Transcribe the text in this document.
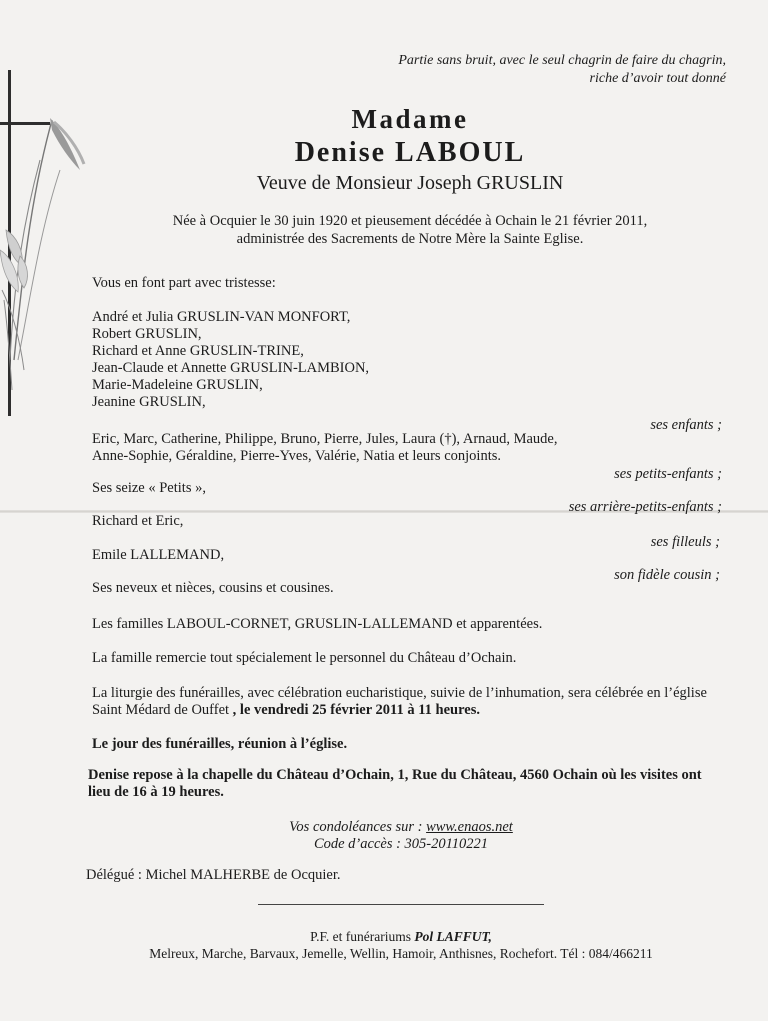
Partie sans bruit, avec le seul chagrin de faire du chagrin,
riche d’avoir tout donné
Madame
Denise LABOUL
Veuve de Monsieur Joseph GRUSLIN
Née à Ocquier le 30 juin 1920 et pieusement décédée à Ochain le 21 février 2011,
administrée des Sacrements de Notre Mère la Sainte Eglise.
Vous en font part avec tristesse:
André et Julia GRUSLIN-VAN MONFORT,
Robert GRUSLIN,
Richard et Anne GRUSLIN-TRINE,
Jean-Claude et Annette GRUSLIN-LAMBION,
Marie-Madeleine GRUSLIN,
Jeanine GRUSLIN,
ses enfants ;
Eric, Marc, Catherine, Philippe, Bruno, Pierre, Jules, Laura (†), Arnaud, Maude,
Anne-Sophie, Géraldine, Pierre-Yves, Valérie, Natia et leurs conjoints.
ses petits-enfants ;
Ses seize « Petits »,
ses arrière-petits-enfants ;
Richard et Eric,
ses filleuls ;
Emile LALLEMAND,
son fidèle cousin ;
Ses neveux et nièces, cousins et cousines.
Les familles LABOUL-CORNET, GRUSLIN-LALLEMAND et apparentées.
La famille remercie tout spécialement le personnel du Château d’Ochain.
La liturgie des funérailles, avec célébration eucharistique, suivie de l’inhumation, sera célébrée en l’église
Saint Médard de Ouffet , le vendredi 25 février 2011 à 11 heures.
Le jour des funérailles, réunion à l’église.
Denise repose à la chapelle du Château d’Ochain, 1, Rue du Château, 4560 Ochain où les visites ont
lieu de 16 à 19 heures.
Vos condoléances sur : www.enaos.net
Code d’accès : 305-20110221
Délégué : Michel MALHERBE de Ocquier.
P.F. et funérariums Pol LAFFUT,
Melreux, Marche, Barvaux, Jemelle, Wellin, Hamoir, Anthisnes, Rochefort. Tél : 084/466211
